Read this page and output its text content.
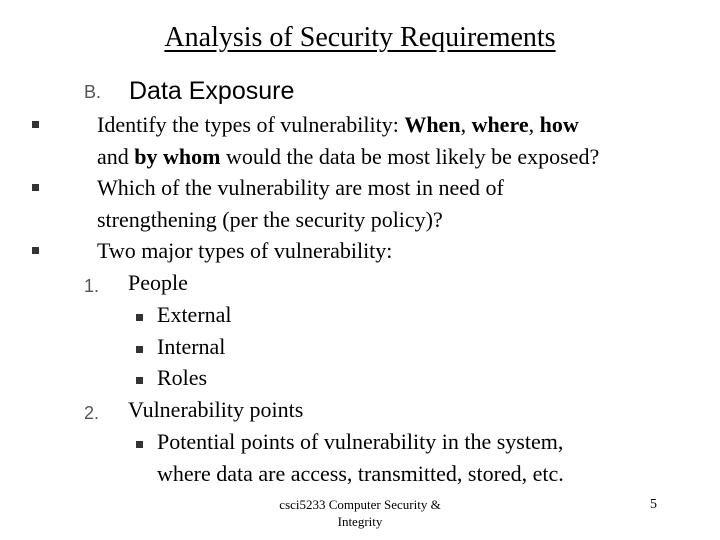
Analysis of Security Requirements
B. Data Exposure
Identify the types of vulnerability: When, where, how
and by whom would the data be most likely be exposed?
Which of the vulnerability are most in need of
strengthening (per the security policy)?
Two major types of vulnerability:
1. People
External
Internal
Roles
2. Vulnerability points
Potential points of vulnerability in the system,
where data are access, transmitted, stored, etc.
csci5233 Computer Security &
Integrity
5
